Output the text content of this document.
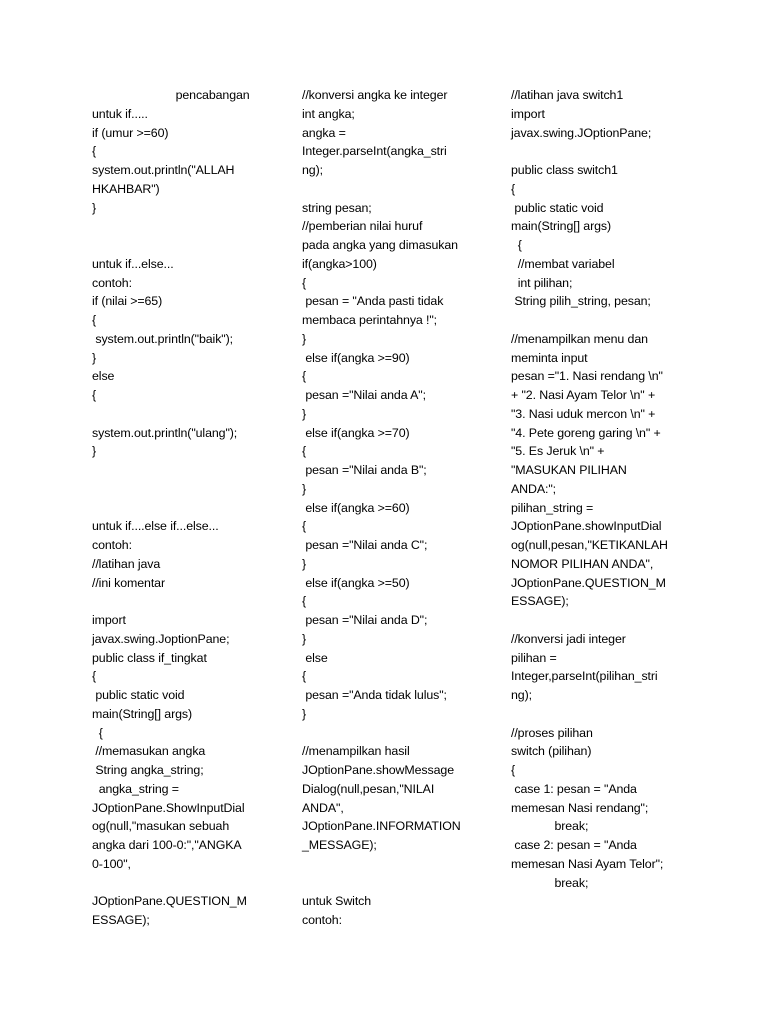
pencabangan
untuk if.....
if (umur >=60)
{
system.out.println("ALLAH
HKAHBAR")
}

untuk if...else...
contoh:
if (nilai >=65)
{
system.out.println("baik");
}
else
{

system.out.println("ulang");
}

untuk if....else if...else...
contoh:
//latihan java
//ini komentar

import
javax.swing.JoptionPane;
public class if_tingkat
{
public static void
main(String[] args)
{
//memasukan angka
String angka_string;
angka_string =
JOptionPane.ShowInputDial
og(null,"masukan sebuah
angka dari 100-0:","ANGKA
0-100",

JOptionPane.QUESTION_M
ESSAGE);
//konversi angka ke integer
int angka;
angka =
Integer.parseInt(angka_stri
ng);

string pesan;
//pemberian nilai huruf
pada angka yang dimasukan
if(angka>100)
{
pesan = "Anda pasti tidak
membaca perintahnya !";
}
else if(angka >=90)
{
pesan ="Nilai anda A";
}
else if(angka >=70)
{
pesan ="Nilai anda B";
}
else if(angka >=60)
{
pesan ="Nilai anda C";
}
else if(angka >=50)
{
pesan ="Nilai anda D";
}
else
{
pesan ="Anda tidak lulus";
}

//menampilkan hasil
JOptionPane.showMessage
Dialog(null,pesan,"NILAI
ANDA",
JOptionPane.INFORMATION
_MESSAGE);

untuk Switch
contoh:
//latihan java switch1
import
javax.swing.JOptionPane;

public class switch1
{
public static void
main(String[] args)
{
//membat variabel
int pilihan;
String pilih_string, pesan;

//menampilkan menu dan
meminta input
pesan ="1. Nasi rendang \n"
+ "2. Nasi Ayam Telor \n" +
"3. Nasi uduk mercon \n" +
"4. Pete goreng garing \n" +
"5. Es Jeruk \n" +
"MASUKAN PILIHAN
ANDA:";
pilihan_string =
JOptionPane.showInputDial
og(null,pesan,"KETIKANLAH
NOMOR PILIHAN ANDA",
JOptionPane.QUESTION_M
ESSAGE);

//konversi jadi integer
pilihan =
Integer,parseInt(pilihan_stri
ng);

//proses pilihan
switch (pilihan)
{
case 1: pesan = "Anda
memesan Nasi rendang";
break;
case 2: pesan = "Anda
memesan Nasi Ayam Telor";
break;
